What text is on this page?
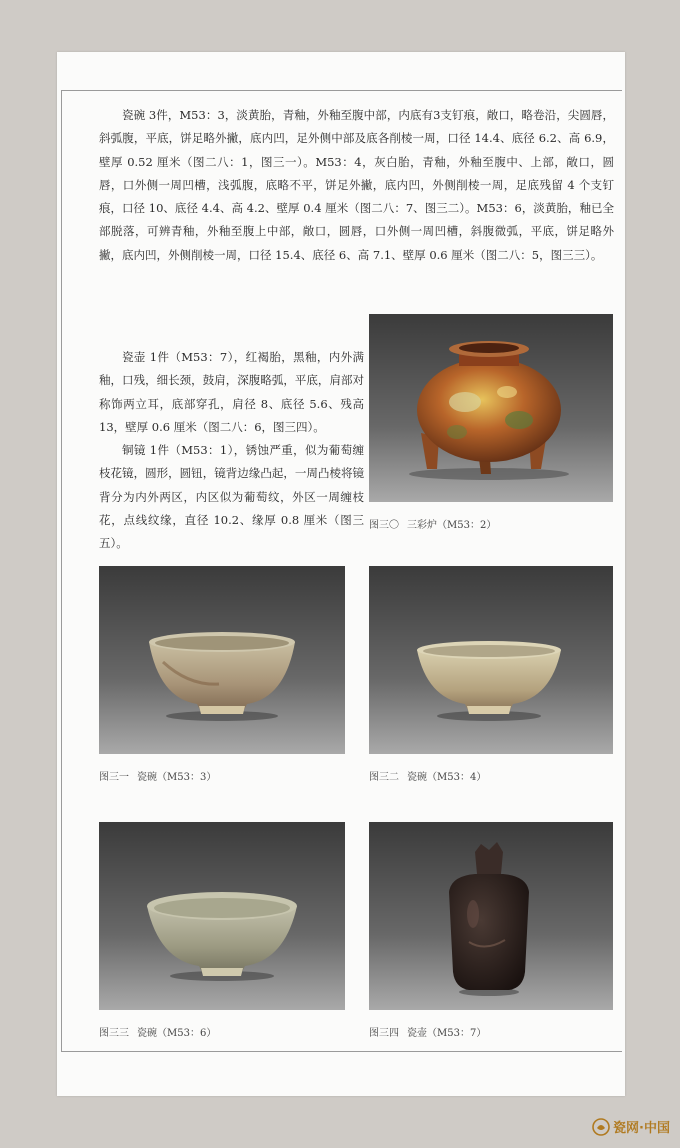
瓷碗 3件，M53：3，淡黄胎，青釉，外釉至腹中部，内底有3支钉痕，敞口，略卷沿，尖圆唇，斜弧腹，平底，饼足略外撇，底内凹，足外侧中部及底各削棱一周，口径 14.4、底径 6.2、高 6.9，壁厚 0.52 厘米（图二八：1，图三一）。M53：4，灰白胎，青釉，外釉至腹中、上部，敞口，圆唇，口外侧一周凹槽，浅弧腹，底略不平，饼足外撇，底内凹，外侧削棱一周，足底残留 4 个支钉痕，口径 10、底径 4.4、高 4.2、壁厚 0.4 厘米（图二八：7、图三二）。M53：6，淡黄胎，釉已全部脱落，可辨青釉，外釉至腹上中部，敞口，圆唇，口外侧一周凹槽，斜腹微弧，平底，饼足略外撇，底内凹，外侧削棱一周，口径 15.4、底径 6、高 7.1、壁厚 0.6 厘米（图二八：5，图三三）。

瓷壶 1件（M53：7），红褐胎，黑釉，内外满釉，口残，细长颈，鼓肩，深腹略弧，平底，肩部对称饰两立耳，底部穿孔，肩径 8、底径 5.6、残高 13，壁厚 0.6 厘米（图二八：6，图三四）。

铜镜 1件（M53：1），锈蚀严重，似为葡萄缠枝花镜，圆形，圆钮，镜背边缘凸起，一周凸棱将镜背分为内外两区，内区似为葡萄纹，外区一周缠枝花，点线纹缘，直径 10.2、缘厚 0.8 厘米（图三五）。

图三〇 三彩炉（M53：2）
图三一 瓷碗（M53：3）	图三二 瓷碗（M53：4）
图三三 瓷碗（M53：6）	图三四 瓷壶（M53：7）
瓷网·中国
